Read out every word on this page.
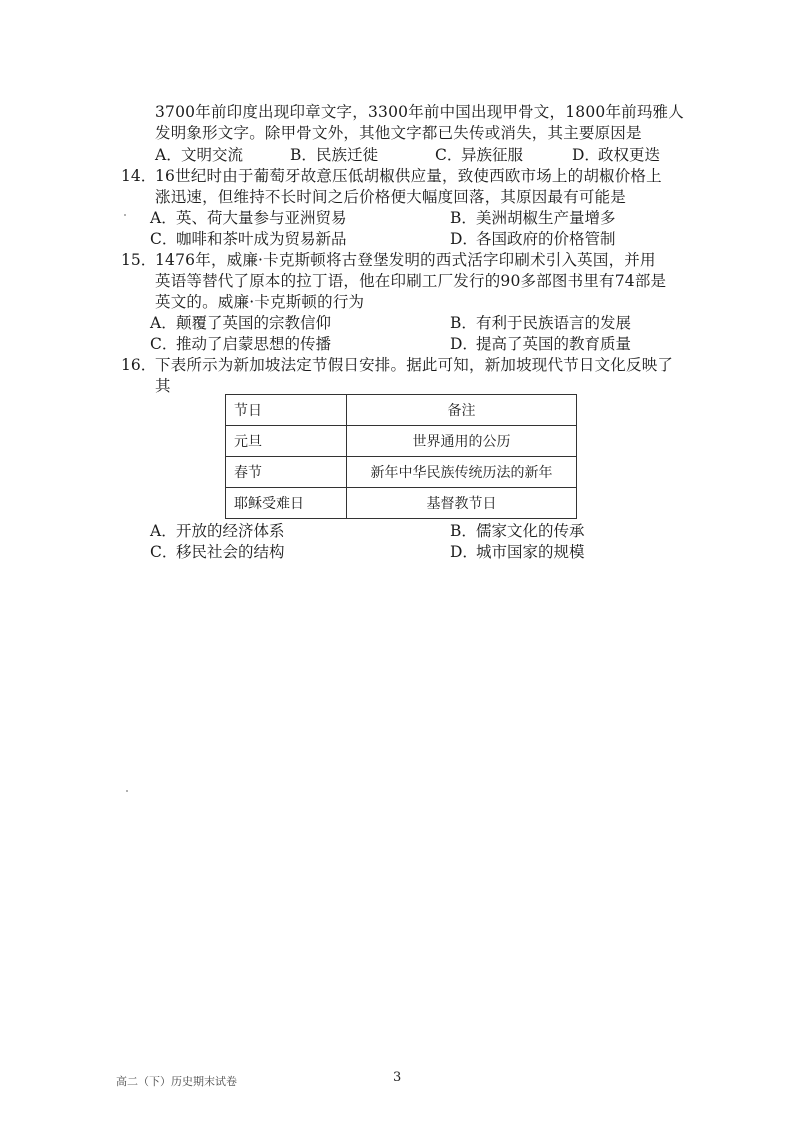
3700年前印度出现印章文字，3300年前中国出现甲骨文，1800年前玛雅人
发明象形文字。除甲骨文外，其他文字都已失传或消失，其主要原因是
A．文明交流	B．民族迁徙	C．异族征服	D．政权更迭
14．
16世纪时由于葡萄牙故意压低胡椒供应量，致使西欧市场上的胡椒价格上
涨迅速，但维持不长时间之后价格便大幅度回落，其原因最有可能是
A．英、荷大量参与亚洲贸易	B．美洲胡椒生产量增多
C．咖啡和茶叶成为贸易新品	D．各国政府的价格管制
15．
1476年，威廉·卡克斯顿将古登堡发明的西式活字印刷术引入英国，并用
英语等替代了原本的拉丁语，他在印刷工厂发行的90多部图书里有74部是
英文的。威廉·卡克斯顿的行为
A．颠覆了英国的宗教信仰	B．有利于民族语言的发展
C．推动了启蒙思想的传播	D．提高了英国的教育质量
16．
下表所示为新加坡法定节假日安排。据此可知，新加坡现代节日文化反映了
其
节日	备注
元旦	世界通用的公历
春节	新年中华民族传统历法的新年
耶稣受难日	基督教节日
A．开放的经济体系	B．儒家文化的传承
C．移民社会的结构	D．城市国家的规模
高二（下）历史期末试卷	3
